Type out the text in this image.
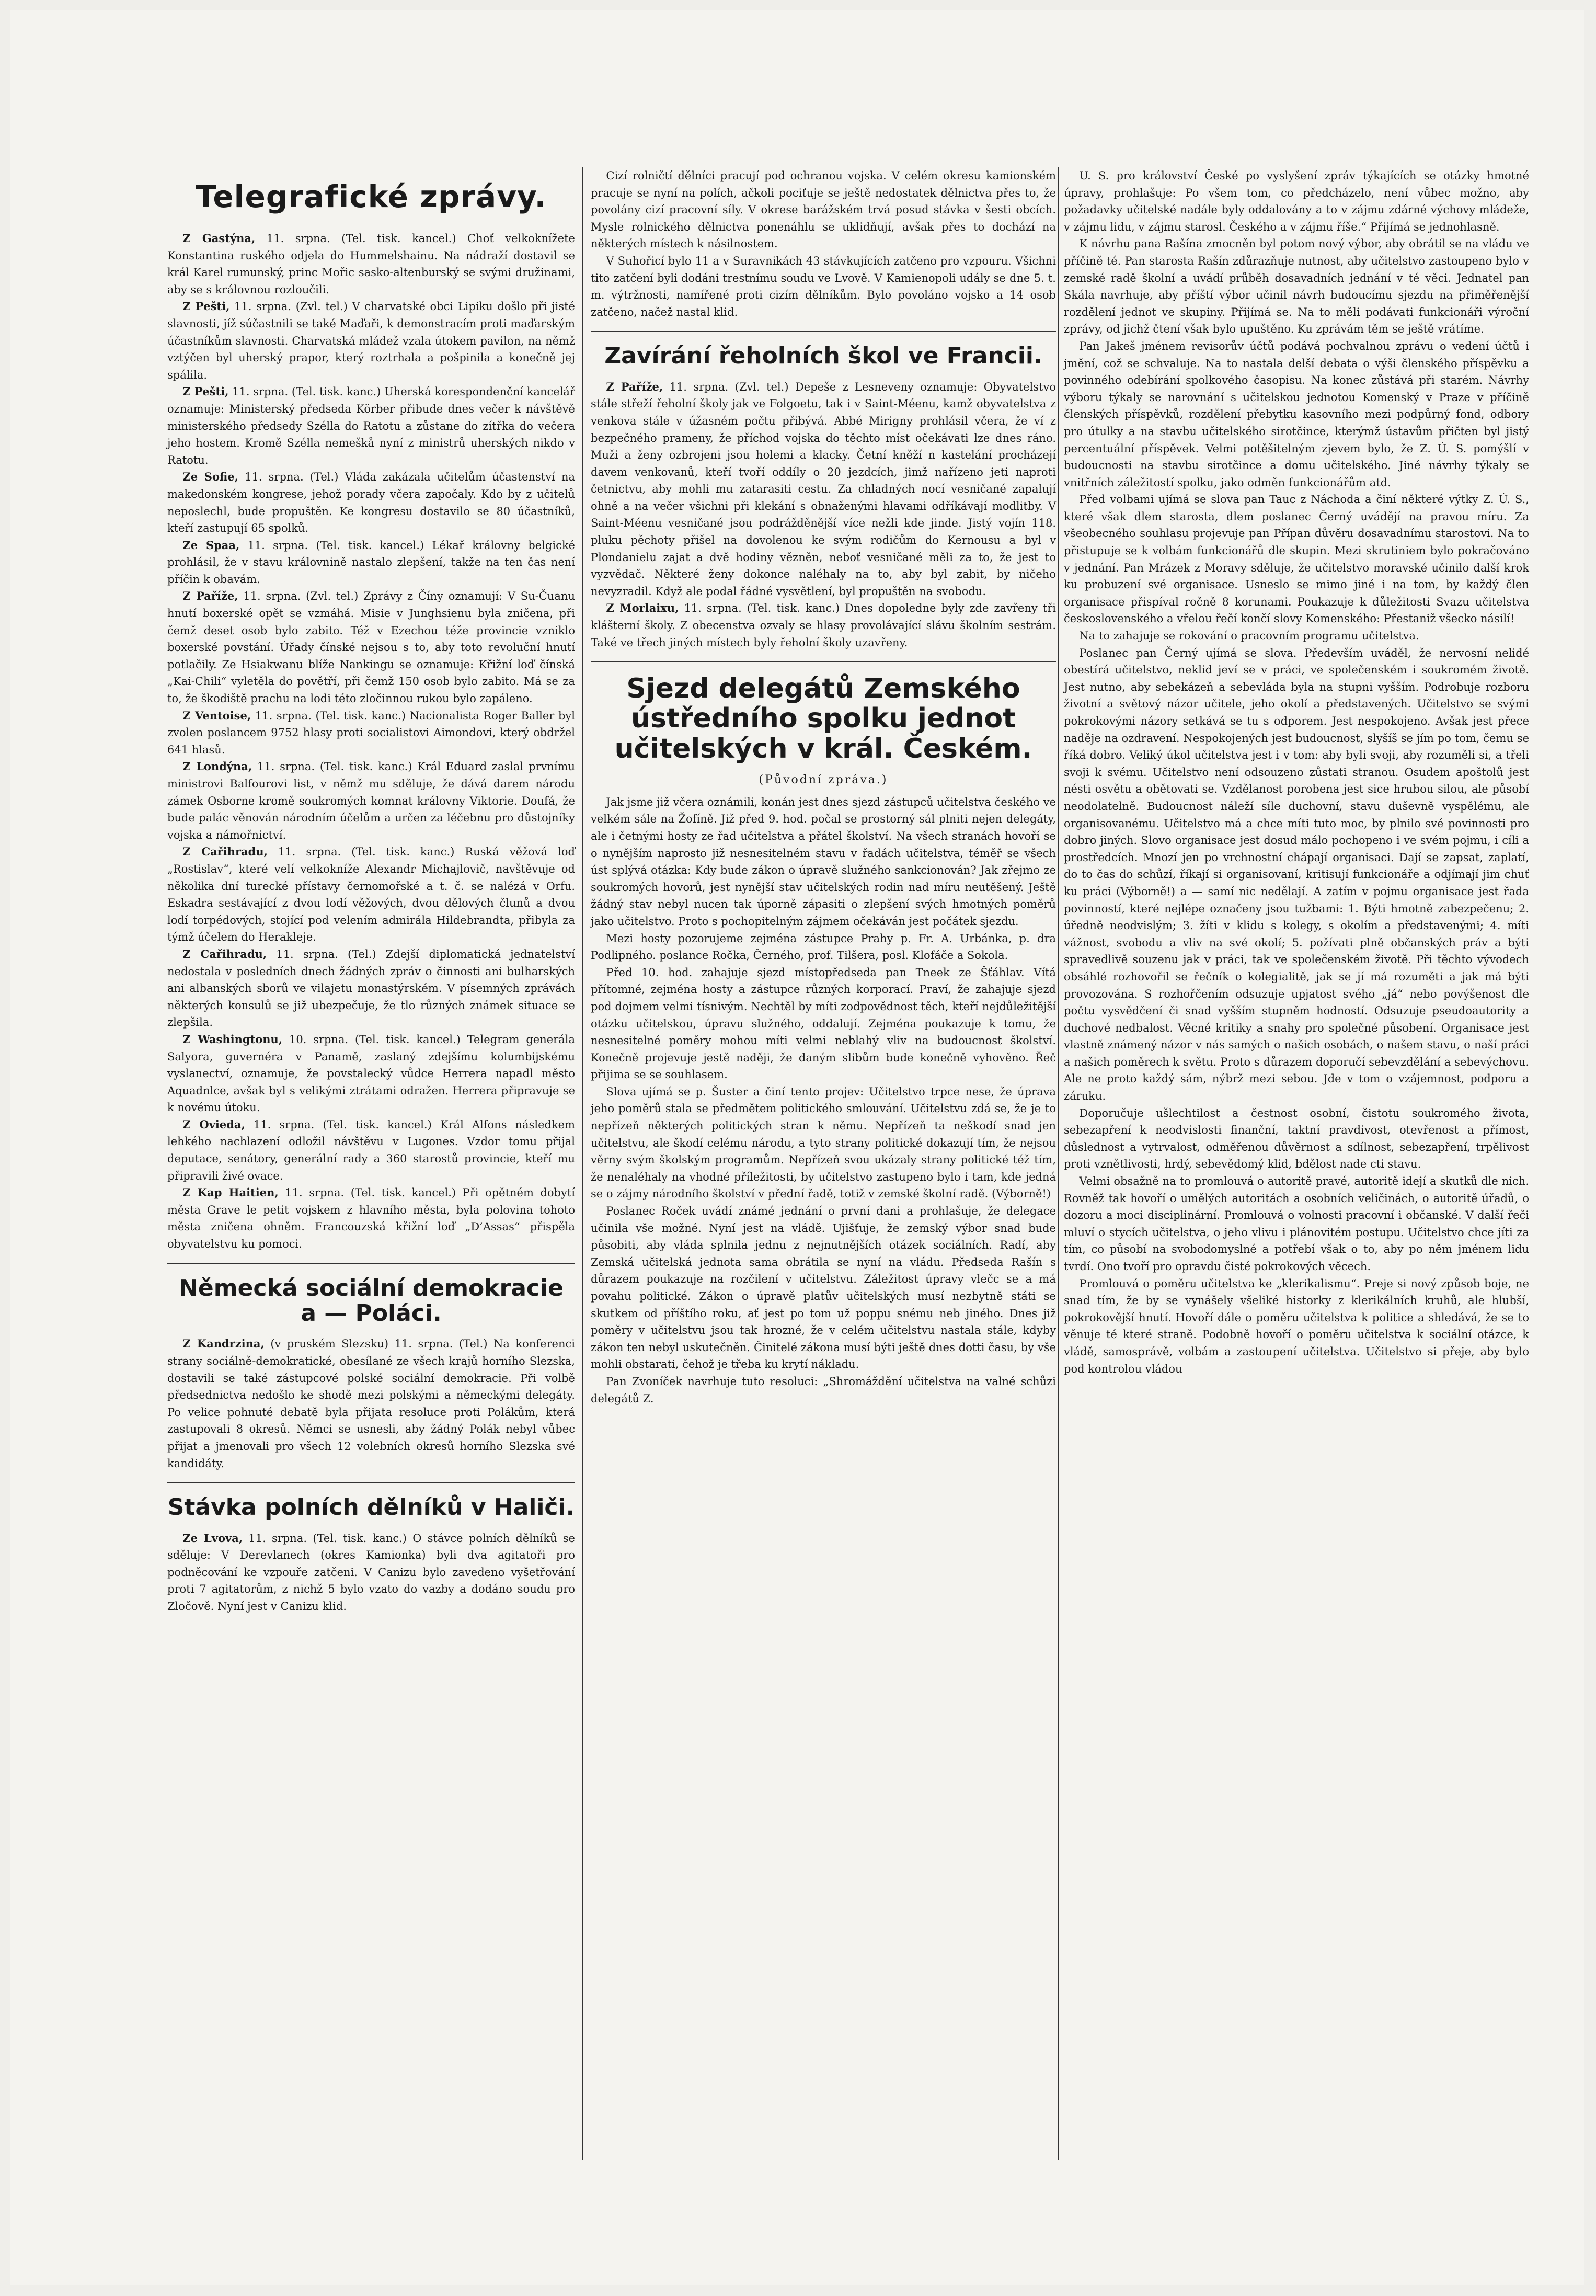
Telegrafické zprávy.

Z Gastýna, 11. srpna. (Tel. tisk. kancel.) Choť velkoknížete Konstantina ruského odjela do Hummelshainu. Na nádraží dostavil se král Karel rumunský, princ Mořic sasko-altenburský se svými družinami, aby se s královnou rozloučili.

Z Pešti, 11. srpna. (Zvl. tel.) V charvatské obci Lipiku došlo při jisté slavnosti, jíž súčastnili se také Maďaři, k demonstracím proti maďarským účastníkům slavnosti. Charvatská mládež vzala útokem pavilon, na němž vztýčen byl uherský prapor, který roztrhala a pošpinila a konečně jej spálila.

Z Pešti, 11. srpna. (Tel. tisk. kanc.) Uherská korespondenční kancelář oznamuje: Ministerský předseda Körber přibude dnes večer k návštěvě ministerského předsedy Szélla do Ratotu a zůstane do zítřka do večera jeho hostem. Kromě Szélla nemeškå nyní z ministrů uherských nikdo v Ratotu.

Ze Sofie, 11. srpna. (Tel.) Vláda zakázala učitelům účastenství na makedonském kongrese, jehož porady včera započaly. Kdo by z učitelů neposlechl, bude propuštěn. Ke kongresu dostavilo se 80 účastníků, kteří zastupují 65 spolků.

Ze Spaa, 11. srpna. (Tel. tisk. kancel.) Lékař královny belgické prohlásil, že v stavu královnině nastalo zlepšení, takže na ten čas není příčin k obavám.

Z Paříže, 11. srpna. (Zvl. tel.) Zprávy z Číny oznamují: V Su-Čuanu hnutí boxerské opět se vzmáhá. Misie v Junghsienu byla zničena, při čemž deset osob bylo zabito. Též v Ezechou téže provincie vzniklo boxerské povstání. Úřady čínské nejsou s to, aby toto revoluční hnutí potlačily. Ze Hsiakwanu blíže Nankingu se oznamuje: Křižní loď čínská „Kai-Chili“ vyletěla do povětří, při čemž 150 osob bylo zabito. Má se za to, že škodiště prachu na lodi této zločinnou rukou bylo zapáleno.

Z Ventoise, 11. srpna. (Tel. tisk. kanc.) Nacionalista Roger Baller byl zvolen poslancem 9752 hlasy proti socialistovi Aimondovi, který obdržel 641 hlasů.

Z Londýna, 11. srpna. (Tel. tisk. kanc.) Král Eduard zaslal prvnímu ministrovi Balfourovi list, v němž mu sděluje, že dává darem národu zámek Osborne kromě soukromých komnat královny Viktorie. Doufá, že bude palác věnován národním účelům a určen za léčebnu pro důstojníky vojska a námořnictví.

Z Cařihradu, 11. srpna. (Tel. tisk. kanc.) Ruská věžová loď „Rostislav“, které velí velkokníže Alexandr Michajlovič, navštěvuje od několika dní turecké přístavy černomořské a t. č. se nalézá v Orfu. Eskadra sestávající z dvou lodí věžových, dvou dělových člunů a dvou lodí torpédových, stojící pod velením admirála Hildebrandta, přibyla za týmž účelem do Herakleje.

Z Cařihradu, 11. srpna. (Tel.) Zdejší diplomatická jednatelství nedostala v posledních dnech žádných zpráv o činnosti ani bulharských ani albanských sborů ve vilajetu monastýrském. V písemných zprávách některých konsulů se již ubezpečuje, že tlo různých známek situace se zlepšila.

Z Washingtonu, 10. srpna. (Tel. tisk. kancel.) Telegram generála Salyora, guvernéra v Panamě, zaslaný zdejšímu kolumbijskému vyslanectví, oznamuje, že povstalecký vůdce Herrera napadl město Aquadnlce, avšak byl s velikými ztrátami odražen. Herrera připravuje se k novému útoku.

Z Ovieda, 11. srpna. (Tel. tisk. kancel.) Král Alfons následkem lehkého nachlazení odložil návštěvu v Lugones. Vzdor tomu přijal deputace, senátory, generální rady a 360 starostů provincie, kteří mu připravili živé ovace.

Z Kap Haitien, 11. srpna. (Tel. tisk. kancel.) Při opětném dobytí města Grave le petit vojskem z hlavního města, byla polovina tohoto města zničena ohněm. Francouzská křižní loď „D’Assas“ přispěla obyvatelstvu ku pomoci.

Německá sociální demokracie a — Poláci.

Z Kandrzina, (v pruském Slezsku) 11. srpna. (Tel.) Na konferenci strany sociálně-demokratické, obesílané ze všech krajů horního Slezska, dostavili se také zástupcové polské sociální demokracie. Při volbě předsednictva nedošlo ke shodě mezi polskými a německými delegáty. Po velice pohnuté debatě byla přijata resoluce proti Polákům, která zastupovali 8 okresů. Němci se usnesli, aby žádný Polák nebyl vůbec přijat a jmenovali pro všech 12 volebních okresů horního Slezska své kandidáty.

Stávka polních dělníků v Haliči.

Ze Lvova, 11. srpna. (Tel. tisk. kanc.) O stávce polních dělníků se sděluje: V Derevlanech (okres Kamionka) byli dva agitatoři pro podněcování ke vzpouře zatčeni. V Canizu bylo zavedeno vyšetřování proti 7 agitatorům, z nichž 5 bylo vzato do vazby a dodáno soudu pro Zločově. Nyní jest v Canizu klid.

Cizí rolničtí dělníci pracují pod ochranou vojska. V celém okresu kamionském pracuje se nyní na polích, ačkoli pociťuje se ještě nedostatek dělnictva přes to, že povolány cizí pracovní síly. V okrese barážském trvá posud stávka v šesti obcích. Mysle rolnického dělnictva ponenáhlu se uklidňují, avšak přes to dochází na některých místech k násilnostem.

V Suhořicí bylo 11 a v Suravnikách 43 stávkujících zatčeno pro vzpouru. Všichni tito zatčení byli dodáni trestnímu soudu ve Lvově. V Kamienopoli udály se dne 5. t. m. výtržnosti, namířené proti cizím dělníkům. Bylo povoláno vojsko a 14 osob zatčeno, načež nastal klid.

Zavírání řeholních škol ve Francii.

Z Paříže, 11. srpna. (Zvl. tel.) Depeše z Lesneveny oznamuje: Obyvatelstvo stále střeží řeholní školy jak ve Folgoetu, tak i v Saint-Méenu, kamž obyvatelstva z venkova stále v úžasném počtu přibývá. Abbé Mirigny prohlásil včera, že ví z bezpečného prameny, že příchod vojska do těchto míst očekávati lze dnes ráno. Muži a ženy ozbrojeni jsou holemi a klacky. Četní kněží n kastelání procházejí davem venkovanů, kteří tvoří oddíly o 20 jezdcích, jimž nařízeno jeti naproti četnictvu, aby mohli mu zatarasiti cestu. Za chladných nocí vesničané zapalují ohně a na večer všichni při klekání s obnaženými hlavami odříkávají modlitby. V Saint-Méenu vesničané jsou podrážděnější více nežli kde jinde. Jistý vojín 118. pluku pěchoty přišel na dovolenou ke svým rodičům do Kernousu a byl v Plondanielu zajat a dvě hodiny vězněn, neboť vesničané měli za to, že jest to vyzvědač. Některé ženy dokonce naléhaly na to, aby byl zabit, by ničeho nevyzradil. Když ale podal řádné vysvětlení, byl propuštěn na svobodu.

Z Morlaixu, 11. srpna. (Tel. tisk. kanc.) Dnes dopoledne byly zde zavřeny tři klášterní školy. Z obecenstva ozvaly se hlasy provolávající slávu školním sestrám. Také ve třech jiných místech byly řeholní školy uzavřeny.

Sjezd delegátů Zemského ústředního spolku jednot učitelských v král. Českém.

(Původní zpráva.)

Jak jsme již včera oznámili, konán jest dnes sjezd zástupců učitelstva českého ve velkém sále na Žofíně. Již před 9. hod. počal se prostorný sál plniti nejen delegáty, ale i četnými hosty ze řad učitelstva a přátel školství. Na všech stranách hovoří se o nynějším naprosto již nesnesitelném stavu v řadách učitelstva, téměř se všech úst splývá otázka: Kdy bude zákon o úpravě služného sankcionován? Jak zřejmo ze soukromých hovorů, jest nynější stav učitelských rodin nad míru neutěšený. Ještě žádný stav nebyl nucen tak úporně zápasiti o zlepšení svých hmotných poměrů jako učitelstvo. Proto s pochopitelným zájmem očekáván jest počátek sjezdu.

Mezi hosty pozorujeme zejména zástupce Prahy p. Fr. A. Urbánka, p. dra Podlipného. poslance Ročka, Černého, prof. Tilšera, posl. Klofáče a Sokola.

Před 10. hod. zahajuje sjezd místopředseda pan Tneek ze Šťáhlav. Vítá přítomné, zejména hosty a zástupce různých korporací. Praví, že zahajuje sjezd pod dojmem velmi tísnivým. Nechtěl by míti zodpovědnost těch, kteří nejdůležitější otázku učitelskou, úpravu služného, oddalují. Zejména poukazuje k tomu, že nesnesitelné poměry mohou míti velmi neblahý vliv na budoucnost školství. Konečně projevuje jestě naději, že daným slibům bude konečně vyhověno. Řeč přijima se se souhlasem.

Slova ujímá se p. Šuster a činí tento projev: Učitelstvo trpce nese, že úprava jeho poměrů stala se předmětem politického smlouvání. Učitelstvu zdá se, že je to nepřízeň některých politických stran k němu. Nepřízeň ta neškodí snad jen učitelstvu, ale škodí celému národu, a tyto strany politické dokazují tím, že nejsou věrny svým školským programům. Nepřízeň svou ukázaly strany politické též tím, že nenaléhaly na vhodné příležitosti, by učitelstvo zastupeno bylo i tam, kde jedná se o zájmy národního školství v přední řadě, totiž v zemské školní radě. (Výborně!)

Poslanec Roček uvádí známé jednání o první dani a prohlašuje, že delegace učinila vše možné. Nyní jest na vládě. Ujišťuje, že zemský výbor snad bude působiti, aby vláda splnila jednu z nejnutnějších otázek sociálních. Radí, aby Zemská učitelská jednota sama obrátila se nyní na vládu. Předseda Rašín s důrazem poukazuje na rozčilení v učitelstvu. Záležitost úpravy vlečc se a má povahu politické. Zákon o úpravě platův učitelských musí nezbytně státi se skutkem od příštího roku, ať jest po tom už poppu snému neb jiného. Dnes již poměry v učitelstvu jsou tak hrozné, že v celém učitelstvu nastala stále, kdyby zákon ten nebyl uskutečněn. Činitelé zákona musí býti ještě dnes dotti času, by vše mohli obstarati, čehož je třeba ku krytí nákladu.

Pan Zvoníček navrhuje tuto resoluci: „Shromáždění učitelstva na valné schůzi delegátů Z.

U. S. pro království České po vyslyšení zpráv týkajících se otázky hmotné úpravy, prohlašuje: Po všem tom, co předcházelo, není vůbec možno, aby požadavky učitelské nadále byly oddalovány a to v zájmu zdárné výchovy mládeže, v zájmu lidu, v zájmu starosl. Českého a v zájmu říše.“ Přijímá se jednohlasně.

K návrhu pana Rašína zmocněn byl potom nový výbor, aby obrátil se na vládu ve příčině té. Pan starosta Rašín zdůrazňuje nutnost, aby učitelstvo zastoupeno bylo v zemské radě školní a uvádí průběh dosavadních jednání v té věci. Jednatel pan Skála navrhuje, aby příští výbor učinil návrh budoucímu sjezdu na přiměřenější rozdělení jednot ve skupiny. Přijímá se. Na to měli podávati funkcionáři výroční zprávy, od jichž čtení však bylo upuštěno. Ku zprávám těm se ještě vrátíme.

Pan Jakeš jménem revisorův účtů podává pochvalnou zprávu o vedení účtů i jmění, což se schvaluje. Na to nastala delší debata o výši členského příspěvku a povinného odebírání spolkového časopisu. Na konec zůstává při starém. Návrhy výboru týkaly se narovnání s učitelskou jednotou Komenský v Praze v příčině členských příspěvků, rozdělení přebytku kasovního mezi podpůrný fond, odbory pro útulky a na stavbu učitelského sirotčince, kterýmž ústavům přičten byl jistý percentuální příspěvek. Velmi potěšitelným zjevem bylo, že Z. Ú. S. pomýšlí v budoucnosti na stavbu sirotčince a domu učitelského. Jiné návrhy týkaly se vnitřních záležitostí spolku, jako odměn funkcionářům atd.

Před volbami ujímá se slova pan Tauc z Náchoda a činí některé výtky Z. Ú. S., které však dlem starosta, dlem poslanec Černý uvádějí na pravou míru. Za všeobecného souhlasu projevuje pan Přípan důvěru dosavadnímu starostovi. Na to přistupuje se k volbám funkcionářů dle skupin. Mezi skrutiniem bylo pokračováno v jednání. Pan Mrázek z Moravy sděluje, že učitelstvo moravské učinilo další krok ku probuzení své organisace. Usneslo se mimo jiné i na tom, by každý člen organisace přispíval ročně 8 korunami. Poukazuje k důležitosti Svazu učitelstva československého a vřelou řečí končí slovy Komenského: Přestaniž všecko násilí!

Na to zahajuje se rokování o pracovním programu učitelstva.

Poslanec pan Černý ujímá se slova. Především uváděl, že nervosní nelidé obestírá učitelstvo, neklid jeví se v práci, ve společenském i soukromém životě. Jest nutno, aby sebekázeň a sebevláda byla na stupni vyšším. Podrobuje rozboru životní a světový názor učitele, jeho okolí a představených. Učitelstvo se svými pokrokovými názory setkává se tu s odporem. Jest nespokojeno. Avšak jest přece naděje na ozdravení. Nespokojených jest budoucnost, slyšíš se jím po tom, čemu se říká dobro. Veliký úkol učitelstva jest i v tom: aby byli svoji, aby rozuměli si, a třeli svoji k svému. Učitelstvo není odsouzeno zůstati stranou. Osudem apoštolů jest nésti osvětu a obětovati se. Vzdělanost porobena jest sice hrubou silou, ale působí neodolatelně. Budoucnost náleží síle duchovní, stavu duševně vyspělému, ale organisovanému. Učitelstvo má a chce míti tuto moc, by plnilo své povinnosti pro dobro jiných. Slovo organisace jest dosud málo pochopeno i ve svém pojmu, i cíli a prostředcích. Mnozí jen po vrchnostní chápají organisaci. Dají se zapsat, zaplatí, do to čas do schůzí, říkají si organisovaní, kritisují funkcionáře a odjímají jim chuť ku práci (Výborně!) a — samí nic nedělají. A zatím v pojmu organisace jest řada povinností, které nejlépe označeny jsou tužbami: 1. Býti hmotně zabezpečenu; 2. úředně neodvislým; 3. žíti v klidu s kolegy, s okolím a představenými; 4. míti vážnost, svobodu a vliv na své okolí; 5. požívati plně občanských práv a býti spravedlivě souzenu jak v práci, tak ve společenském životě. Při těchto vývodech obsáhlé rozhovořil se řečník o kolegialitě, jak se jí má rozuměti a jak má býti provozována. S rozhořčením odsuzuje upjatost svého „já“ nebo povýšenost dle počtu vysvědčení či snad vyšším stupněm hodností. Odsuzuje pseudoautority a duchové nedbalost. Věcné kritiky a snahy pro společné působení. Organisace jest vlastně známený názor v nás samých o našich osobách, o našem stavu, o naší práci a našich poměrech k světu. Proto s důrazem doporučí sebevzdělání a sebevýchovu. Ale ne proto každý sám, nýbrž mezi sebou. Jde v tom o vzájemnost, podporu a záruku.

Doporučuje ušlechtilost a čestnost osobní, čistotu soukromého života, sebezapření k neodvislosti finanční, taktní pravdivost, otevřenost a přímost, důslednost a vytrvalost, odměřenou důvěrnost a sdílnost, sebezapření, trpělivost proti vznětlivosti, hrdý, sebevědomý klid, bdělost nade cti stavu.

Velmi obsažně na to promlouvá o autoritě pravé, autoritě idejí a skutků dle nich. Rovněž tak hovoří o umělých autoritách a osobních veličinách, o autoritě úřadů, o dozoru a moci disciplinární. Promlouvá o volnosti pracovní i občanské. V další řeči mluví o stycích učitelstva, o jeho vlivu i plánovitém postupu. Učitelstvo chce jíti za tím, co působí na svobodomyslné a potřebí však o to, aby po něm jménem lidu tvrdí. Ono tvoří pro opravdu čisté pokrokových věcech.

Promlouvá o poměru učitelstva ke „klerikalismu“. Preje si nový způsob boje, ne snad tím, že by se vynášely všeliké historky z klerikálních kruhů, ale hlubší, pokrokovější hnutí. Hovoří dále o poměru učitelstva k politice a shledává, že se to věnuje té které straně. Podobně hovoří o poměru učitelstva k sociální otázce, k vládě, samosprávě, volbám a zastoupení učitelstva. Učitelstvo si přeje, aby bylo pod kontrolou vládou
